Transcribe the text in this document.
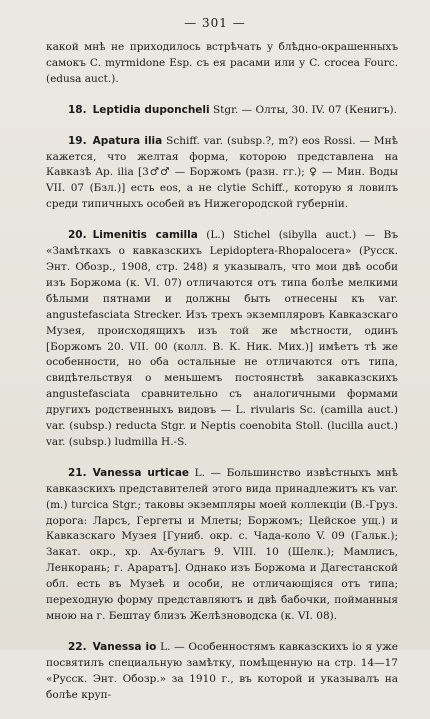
— 301 —

какой мнѣ не приходилось встрѣчать у блѣдно-окрашенныхъ самокъ C. myrmidone Esp. съ ея расами или у C. crocea Fourc. (edusa auct.).

18. Leptidia duponcheli Stgr. — Олты, 30. IV. 07 (Кенигъ).

19. Apatura ilia Schiff. var. (subsp.?, m?) eos Rossi. — Мнѣ кажется, что желтая форма, которою представлена на Кавказѣ Ap. ilia [3♂♂ — Боржомъ (разн. гг.); ♀ — Мин. Воды VII. 07 (Бзл.)] есть eos, а не clytie Schiff., которую я ловилъ среди типичныхъ особей въ Нижегородской губерніи.

20. Limenitis camilla (L.) Stichel (sibylla auct.) — Въ «Замѣткахъ о кавказскихъ Lepidoptera-Rhopalocera» (Русск. Энт. Обозр., 1908, стр. 248) я указывалъ, что мои двѣ особи изъ Боржома (к. VI. 07) отличаются отъ типа болѣе мелкими бѣлыми пятнами и должны быть отнесены къ var. angustefasciata Strecker. Изъ трехъ экземпляровъ Кавказскаго Музея, происходящихъ изъ той же мѣстности, одинъ [Боржомъ 20. VII. 00 (колл. В. К. Ник. Мих.)] имѣетъ тѣ же особенности, но оба остальные не отличаются отъ типа, свидѣтельствуя о меньшемъ постоянствѣ закавказскихъ angustefasciata сравнительно съ аналогичными формами другихъ родственныхъ видовъ — L. rivularis Sc. (camilla auct.) var. (subsp.) reducta Stgr. и Neptis coenobita Stoll. (lucilla auct.) var. (subsp.) ludmilla H.-S.

21. Vanessa urticae L. — Большинство извѣстныхъ мнѣ кавказскихъ представителей этого вида принадлежитъ къ var. (m.) turcica Stgr.; таковы экземпляры моей коллекціи (В.-Груз. дорога: Ларсъ, Гергеты и Млеты; Боржомъ; Цейское ущ.) и Кавказскаго Музея [Гуниб. окр. с. Чада-коло V. 09 (Гальк.); Закат. окр., хр. Ах-булагъ 9. VIII. 10 (Шелк.); Мамлисъ, Ленкорань; г. Араратъ]. Однако изъ Боржома и Дагестанской обл. есть въ Музеѣ и особи, не отличающіяся отъ типа; переходную форму представляютъ и двѣ бабочки, пойманныя мною на г. Бештау близъ Желѣзноводска (к. VI. 08).

22. Vanessa io L. — Особенностямъ кавказскихъ io я уже посвятилъ специальную замѣтку, помѣщенную на стр. 14—17 «Русск. Энт. Обозр.» за 1910 г., въ которой и указывалъ на болѣе круп-
